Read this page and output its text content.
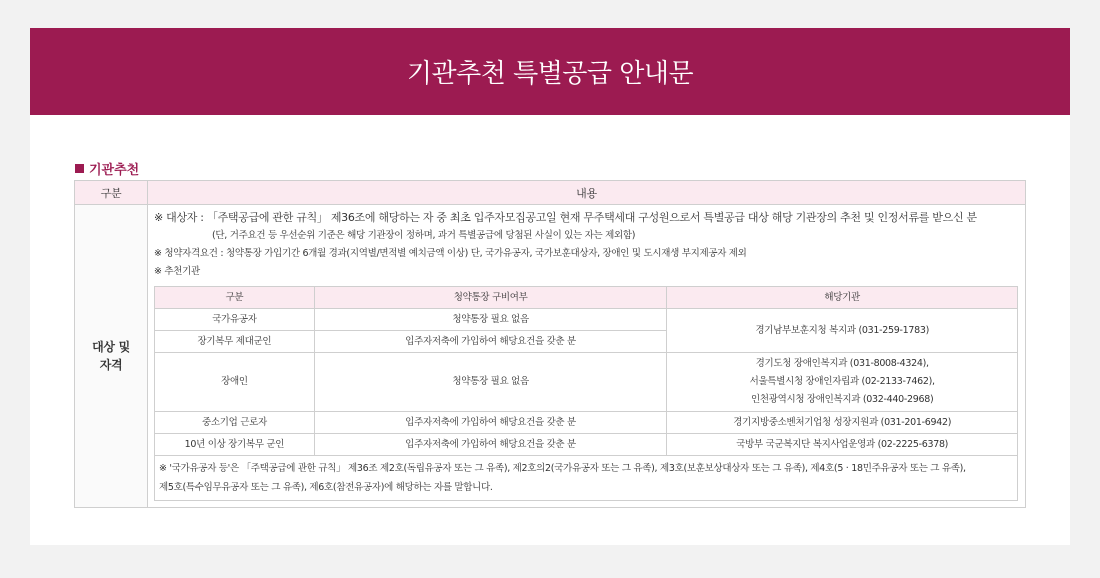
기관추천 특별공급 안내문
기관추천
구분	내용

대상 및
자격

※ 대상자 : 「주택공급에 관한 규칙」 제36조에 해당하는 자 중 최초 입주자모집공고일 현재 무주택세대 구성원으로서 특별공급 대상 해당 기관장의 추천 및 인정서류를 받으신 분
(단, 거주요건 등 우선순위 기준은 해당 기관장이 정하며, 과거 특별공급에 당첨된 사실이 있는 자는 제외함)
※ 청약자격요건 : 청약통장 가입기간 6개월 경과(지역별/면적별 예치금액 이상) 단, 국가유공자, 국가보훈대상자, 장애인 및 도시재생 부지제공자 제외
※ 추천기관
구분	청약통장 구비여부	해당기관
국가유공자	청약통장 필요 없음	경기남부보훈지청 복지과 (031-259-1783)
장기복무 제대군인	입주자저축에 가입하여 해당요건을 갖춘 분
장애인	청약통장 필요 없음	
경기도청 장애인복지과 (031-8008-4324),
서울특별시청 장애인자립과 (02-2133-7462),
인천광역시청 장애인복지과 (032-440-2968)

중소기업 근로자	입주자저축에 가입하여 해당요건을 갖춘 분	경기지방중소벤처기업청 성장지원과 (031-201-6942)
10년 이상 장기복무 군인	입주자저축에 가입하여 해당요건을 갖춘 분	국방부 국군복지단 복지사업운영과 (02-2225-6378)

※ '국가유공자 등'은 「주택공급에 관한 규칙」 제36조 제2호(독립유공자 또는 그 유족), 제2호의2(국가유공자 또는 그 유족), 제3호(보훈보상대상자 또는 그 유족), 제4호(5 · 18민주유공자 또는 그 유족),
제5호(특수임무유공자 또는 그 유족), 제6호(참전유공자)에 해당하는 자를 말합니다.
